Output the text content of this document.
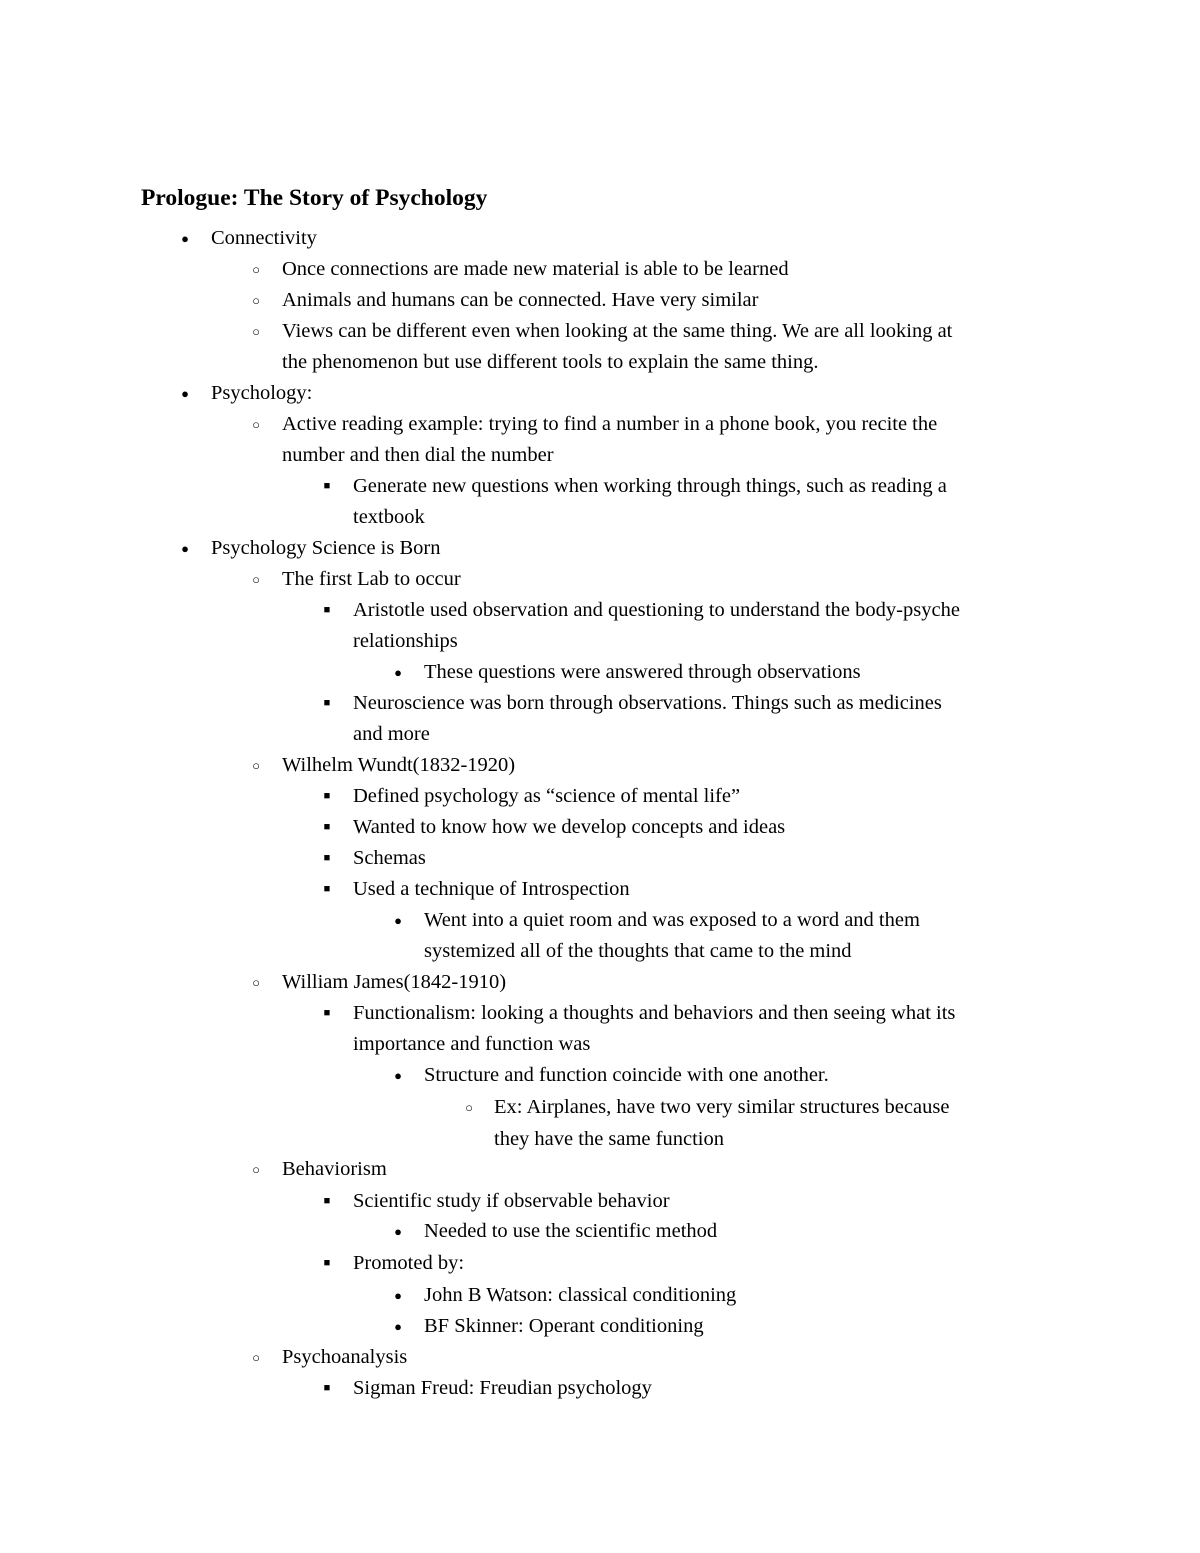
Prologue: The Story of Psychology
● Connectivity
○ Once connections are made new material is able to be learned
○ Animals and humans can be connected. Have very similar
○ Views can be different even when looking at the same thing. We are all looking at
the phenomenon but use different tools to explain the same thing.
● Psychology:
○ Active reading example: trying to find a number in a phone book, you recite the
number and then dial the number
■	Generate new questions when working through things, such as reading a
textbook
● Psychology Science is Born
○ The first Lab to occur
■	Aristotle used observation and questioning to understand the body-psyche
relationships
● These questions were answered through observations
■	Neuroscience was born through observations. Things such as medicines
and more
○ Wilhelm Wundt(1832-1920)
■	Defined psychology as “science of mental life”
■	Wanted to know how we develop concepts and ideas
■	Schemas
■	Used a technique of Introspection
● Went into a quiet room and was exposed to a word and them
systemized all of the thoughts that came to the mind
○ William James(1842-1910)
■	Functionalism: looking a thoughts and behaviors and then seeing what its
importance and function was
● Structure and function coincide with one another.
○ Ex: Airplanes, have two very similar structures because
they have the same function
○ Behaviorism
■	Scientific study if observable behavior
● Needed to use the scientific method
■	Promoted by:
● John B Watson: classical conditioning
● BF Skinner: Operant conditioning
○ Psychoanalysis
■	Sigman Freud: Freudian psychology
